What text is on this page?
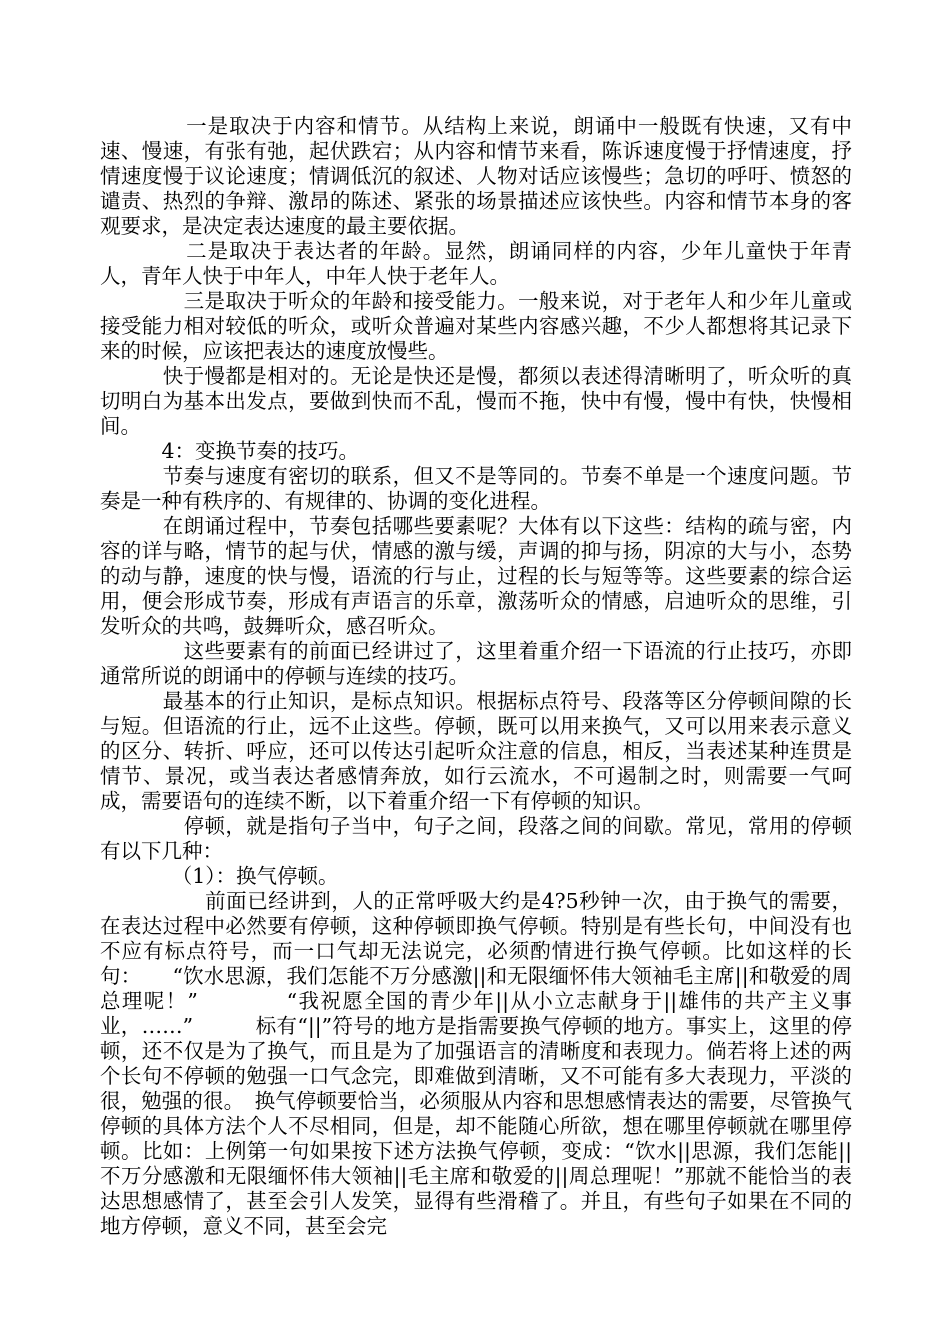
　　　　一是取决于内容和情节。从结构上来说，朗诵中一般既有快速，又有中速、慢速，有张有弛，起伏跌宕；从内容和情节来看，陈诉速度慢于抒情速度，抒情速度慢于议论速度；情调低沉的叙述、人物对话应该慢些；急切的呼吁、愤怒的谴责、热烈的争辩、激昂的陈述、紧张的场景描述应该快些。内容和情节本身的客观要求，是决定表达速度的最主要依据。

　　　　二是取决于表达者的年龄。显然，朗诵同样的内容，少年儿童快于年青人，青年人快于中年人，中年人快于老年人。

　　　　三是取决于听众的年龄和接受能力。一般来说，对于老年人和少年儿童或接受能力相对较低的听众，或听众普遍对某些内容感兴趣，不少人都想将其记录下来的时候，应该把表达的速度放慢些。

　　　快于慢都是相对的。无论是快还是慢，都须以表述得清晰明了，听众听的真切明白为基本出发点，要做到快而不乱，慢而不拖，快中有慢，慢中有快，快慢相间。

　　　4：变换节奏的技巧。

　　　节奏与速度有密切的联系，但又不是等同的。节奏不单是一个速度问题。节奏是一种有秩序的、有规律的、协调的变化进程。

　　　在朗诵过程中，节奏包括哪些要素呢？大体有以下这些：结构的疏与密，内容的详与略，情节的起与伏，情感的激与缓，声调的抑与扬，阴凉的大与小，态势的动与静，速度的快与慢，语流的行与止，过程的长与短等等。这些要素的综合运用，便会形成节奏，形成有声语言的乐章，激荡听众的情感，启迪听众的思维，引发听众的共鸣，鼓舞听众，感召听众。

　　　　这些要素有的前面已经讲过了，这里着重介绍一下语流的行止技巧，亦即通常所说的朗诵中的停顿与连续的技巧。

　　　最基本的行止知识，是标点知识。根据标点符号、段落等区分停顿间隙的长与短。但语流的行止，远不止这些。停顿，既可以用来换气，又可以用来表示意义的区分、转折、呼应，还可以传达引起听众注意的信息，相反，当表述某种连贯是情节、景况，或当表达者感情奔放，如行云流水，不可遏制之时，则需要一气呵成，需要语句的连续不断，以下着重介绍一下有停顿的知识。

　　　　停顿，就是指句子当中，句子之间，段落之间的间歇。常见，常用的停顿有以下几种：

　　　　（1）：换气停顿。

　　　　　前面已经讲到，人的正常呼吸大约是4?5秒钟一次，由于换气的需要，在表达过程中必然要有停顿，这种停顿即换气停顿。特别是有些长句，中间没有也不应有标点符号，而一口气却无法说完，必须酌情进行换气停顿。比如这样的长句：　　“饮水思源，我们怎能不万分感激||和无限缅怀伟大领袖毛主席||和敬爱的周总理呢！”　　　　“我祝愿全国的青少年||从小立志献身于||雄伟的共产主义事业，……”　　　标有“||”符号的地方是指需要换气停顿的地方。事实上，这里的停顿，还不仅是为了换气，而且是为了加强语言的清晰度和表现力。倘若将上述的两个长句不停顿的勉强一口气念完，即难做到清晰，又不可能有多大表现力，平淡的很，勉强的很。　换气停顿要恰当，必须服从内容和思想感情表达的需要，尽管换气停顿的具体方法个人不尽相同，但是，却不能随心所欲，想在哪里停顿就在哪里停顿。比如：上例第一句如果按下述方法换气停顿，变成：“饮水||思源，我们怎能||不万分感激和无限缅怀伟大领袖||毛主席和敬爱的||周总理呢！”那就不能恰当的表达思想感情了，甚至会引人发笑，显得有些滑稽了。并且，有些句子如果在不同的地方停顿，意义不同，甚至会完
